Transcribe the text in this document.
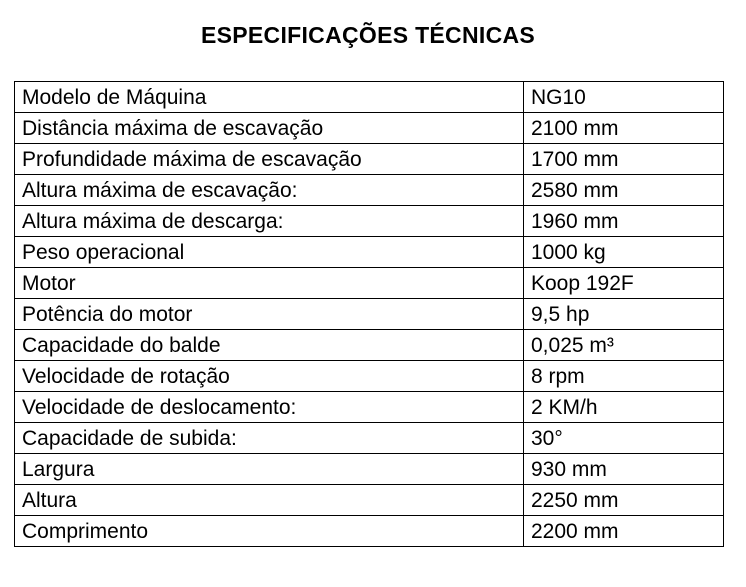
ESPECIFICAÇÕES TÉCNICAS
Modelo de Máquina	NG10
Distância máxima de escavação	2100 mm
Profundidade máxima de escavação	1700 mm
Altura máxima de escavação:	2580 mm
Altura máxima de descarga:	1960 mm
Peso operacional	1000 kg
Motor	Koop 192F
Potência do motor	9,5 hp
Capacidade do balde	0,025 m³
Velocidade de rotação	8 rpm
Velocidade de deslocamento:	2 KM/h
Capacidade de subida:	30°
Largura	930 mm
Altura	2250 mm
Comprimento	2200 mm
